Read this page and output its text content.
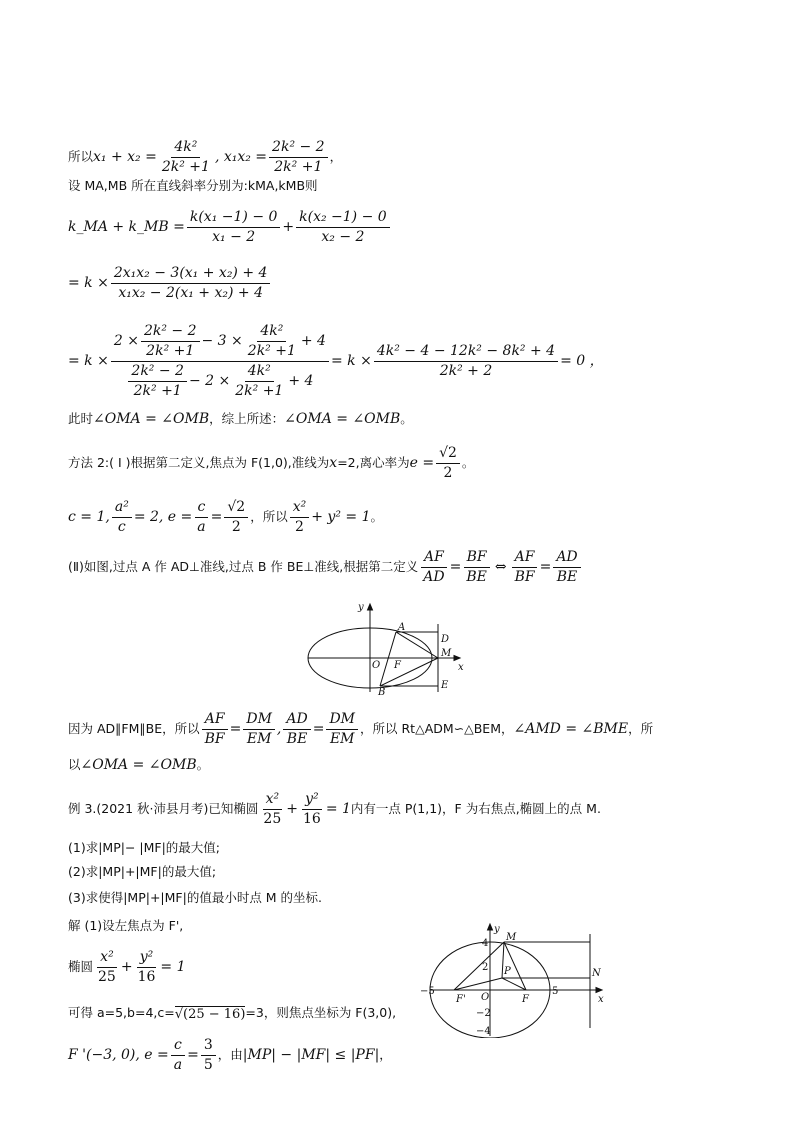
所以 $x_1 + x_2 = \frac{\text{4k²}}{\text{2k² +1}}$ , $x_1x_2 = \frac{\text{2k² − 2}}{\text{2k² +1}}$ ，
设 MA,MB 所在直线斜率分别为: k MA ,k MB 则
k_MA + k_MB = $\frac{\text{k(x₁ −1) − 0}}{\text{x₁ − 2}} + \frac{\text{k(x₂ −1) − 0}}{\text{x₂ − 2}}$
= $k \times \frac{\text{2x₁x₂ − 3(x₁ + x₂) + 4}}{\text{x₁x₂ − 2(x₁ + x₂) + 4}}$
= k ×
$2 \times \frac{\text{2k² − 2}}{\text{2k² +1}} - 3 \times \frac{\text{4k²}}{\text{2k² +1}} + 4$
$\frac{\text{2k² − 2}}{\text{2k² +1}} - 2 \times \frac{\text{4k²}}{\text{2k² +1}} + 4$
= $k \times \frac{\text{4k² − 4 − 12k² − 8k² + 4}}{\text{2k² + 2}} = 0$ ，
此时 ∠OMA = ∠OMB ，综上所述： ∠OMA = ∠OMB 。
方法 2:( I )根据第二定义,焦点为 F(1,0),准线为 x =2,离心率为 $e = \frac{√2}{2}$ 。
c = 1, $\frac{\text{a²}}{c} = 2$, $e = \frac{c}{a} = \frac{√2}{2}$ ，所以 $\frac{\text{x²}}{2} + y^2 = 1$ 。
(Ⅱ)如图,过点 A 作 AD⊥准线,过点 B 作 BE⊥准线,根据第二定义 $\frac{AF}{AD} = \frac{BF}{BE}$ ⇔ $\frac{AF}{BF} = \frac{AD}{BE}$
y
x
A
D
M
O F
B
E
因为 AD∥FM∥BE，所以 $\frac{AF}{BF} = \frac{DM}{EM}$ , $\frac{AD}{BE} = \frac{DM}{EM}$ ，所以 Rt△ADM∽△BEM， ∠AMD = ∠BME ，所
以 ∠OMA = ∠OMB 。
例 3.(2021 秋·沛县月考)已知椭圆 $\frac{\text{x²}}{25} + \frac{\text{y²}}{16} = 1$ 内有一点 P(1,1)，F 为右焦点,椭圆上的点 M.
(1)求|MP|− |MF|的最大值;
(2)求|MP|+|MF|的最大值;
(3)求使得|MP|+|MF|的值最小时点 M 的坐标.
解 (1)设左焦点为 F',
椭圆 $\frac{\text{x²}}{25} + \frac{\text{y²}}{16} = 1$
可得 a=5,b=4,c= √(25 − 16) =3，则焦点坐标为 F(3,0),
F '(−3, 0), $e = \frac{c}{a} = \frac{3}{5}$ ，由 |MP| − |MF| ≤ |PF| ，
y
x
M
P	N
F' O	F
4
2
−2
−4
−5	5
